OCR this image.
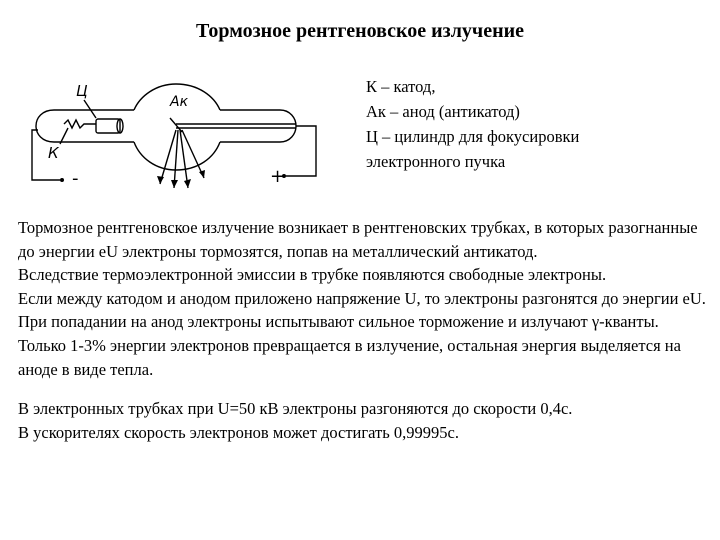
Тормозное рентгеновское излучение
Ц
Ак
К
-	+
К – катод,
Ак – анод (антикатод)
Ц – цилиндр для фокусировки
электронного пучка

Тормозное рентгеновское излучение возникает в рентгеновских трубках, в которых разогнанные до энергии eU электроны тормозятся, попав на металлический антикатод.

Вследствие термоэлектронной эмиссии в трубке появляются свободные электроны.

Если между катодом и анодом приложено напряжение U, то электроны разгонятся до энергии eU. При попадании на анод электроны испытывают сильное торможение и излучают γ-кванты.

Только 1-3% энергии электронов превращается в излучение, остальная энергия выделяется на аноде в виде тепла.

В электронных трубках при U=50 кВ электроны разгоняются до скорости 0,4c.

В ускорителях скорость электронов может достигать 0,99995c.
